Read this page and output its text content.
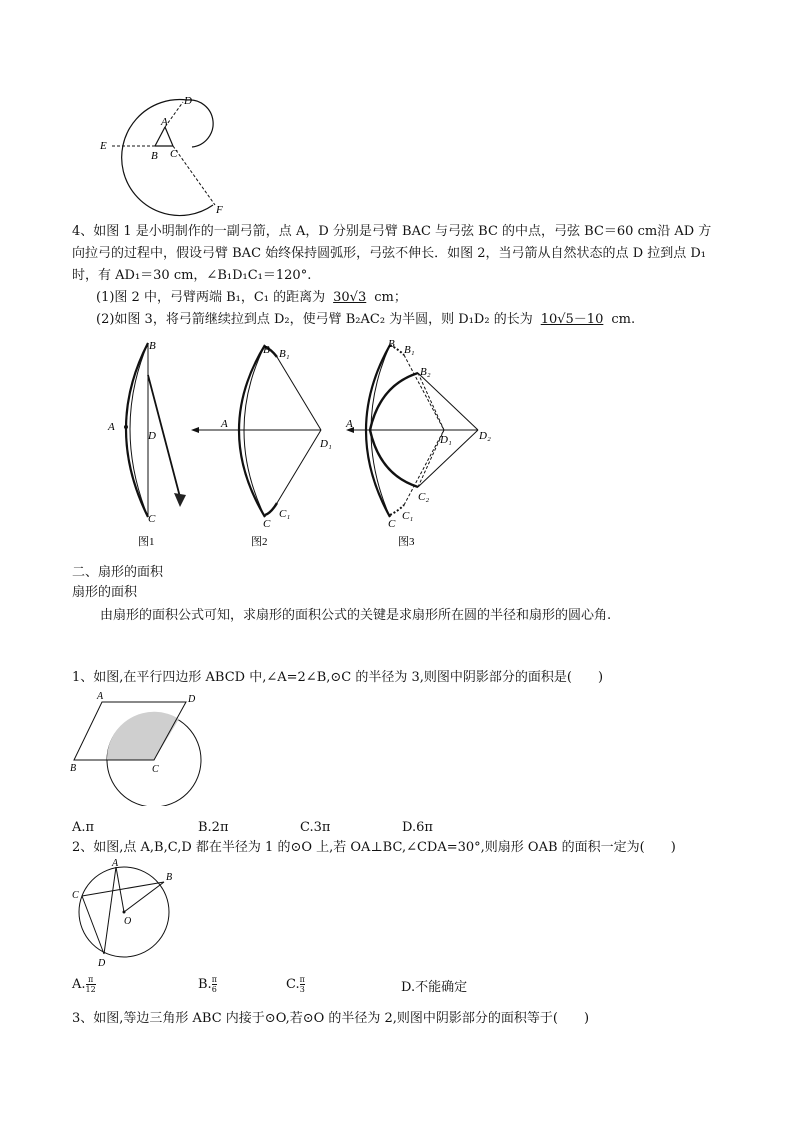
D
A
E
B C
F
4、如图 1 是小明制作的一副弓箭，点 A，D 分别是弓臂 BAC 与弓弦 BC 的中点，弓弦 BC＝60 cm沿 AD 方
向拉弓的过程中，假设弓臂 BAC 始终保持圆弧形，弓弦不伸长．如图 2，当弓箭从自然状态的点 D 拉到点 D₁
时，有 AD₁＝30 cm，∠B₁D₁C₁＝120°.
(1)图 2 中，弓臂两端 B₁，C₁ 的距离为 30√3 cm；
(2)如图 3，将弓箭继续拉到点 D₂，使弓臂 B₂AC₂ 为半圆，则 D₁D₂ 的长为 10√5－10 cm.
B
A
D
C
图1
B B₁
A
D₁
C
C₁
图2
B B₁
B₂
A
D₁ D₂
C₂
C
C₁
图3
二、扇形的面积
扇形的面积
由扇形的面积公式可知，求扇形的面积公式的关键是求扇形所在圆的半径和扇形的圆心角.
1、如图,在平行四边形 ABCD 中,∠A=2∠B,⊙C 的半径为 3,则图中阴影部分的面积是(　　)
A	D
B	C
A.π	B.2π	C.3π	D.6π
2、如图,点 A,B,C,D 都在半径为 1 的⊙O 上,若 OA⊥BC,∠CDA=30°,则扇形 OAB 的面积一定为(　　)
A
B
C
O
D
A. $\frac{\pi}{12}$	B. $\frac{\pi}{6}$	C. $\frac{\pi}{3}$	D.不能确定
3、如图,等边三角形 ABC 内接于⊙O,若⊙O 的半径为 2,则图中阴影部分的面积等于(　　)
